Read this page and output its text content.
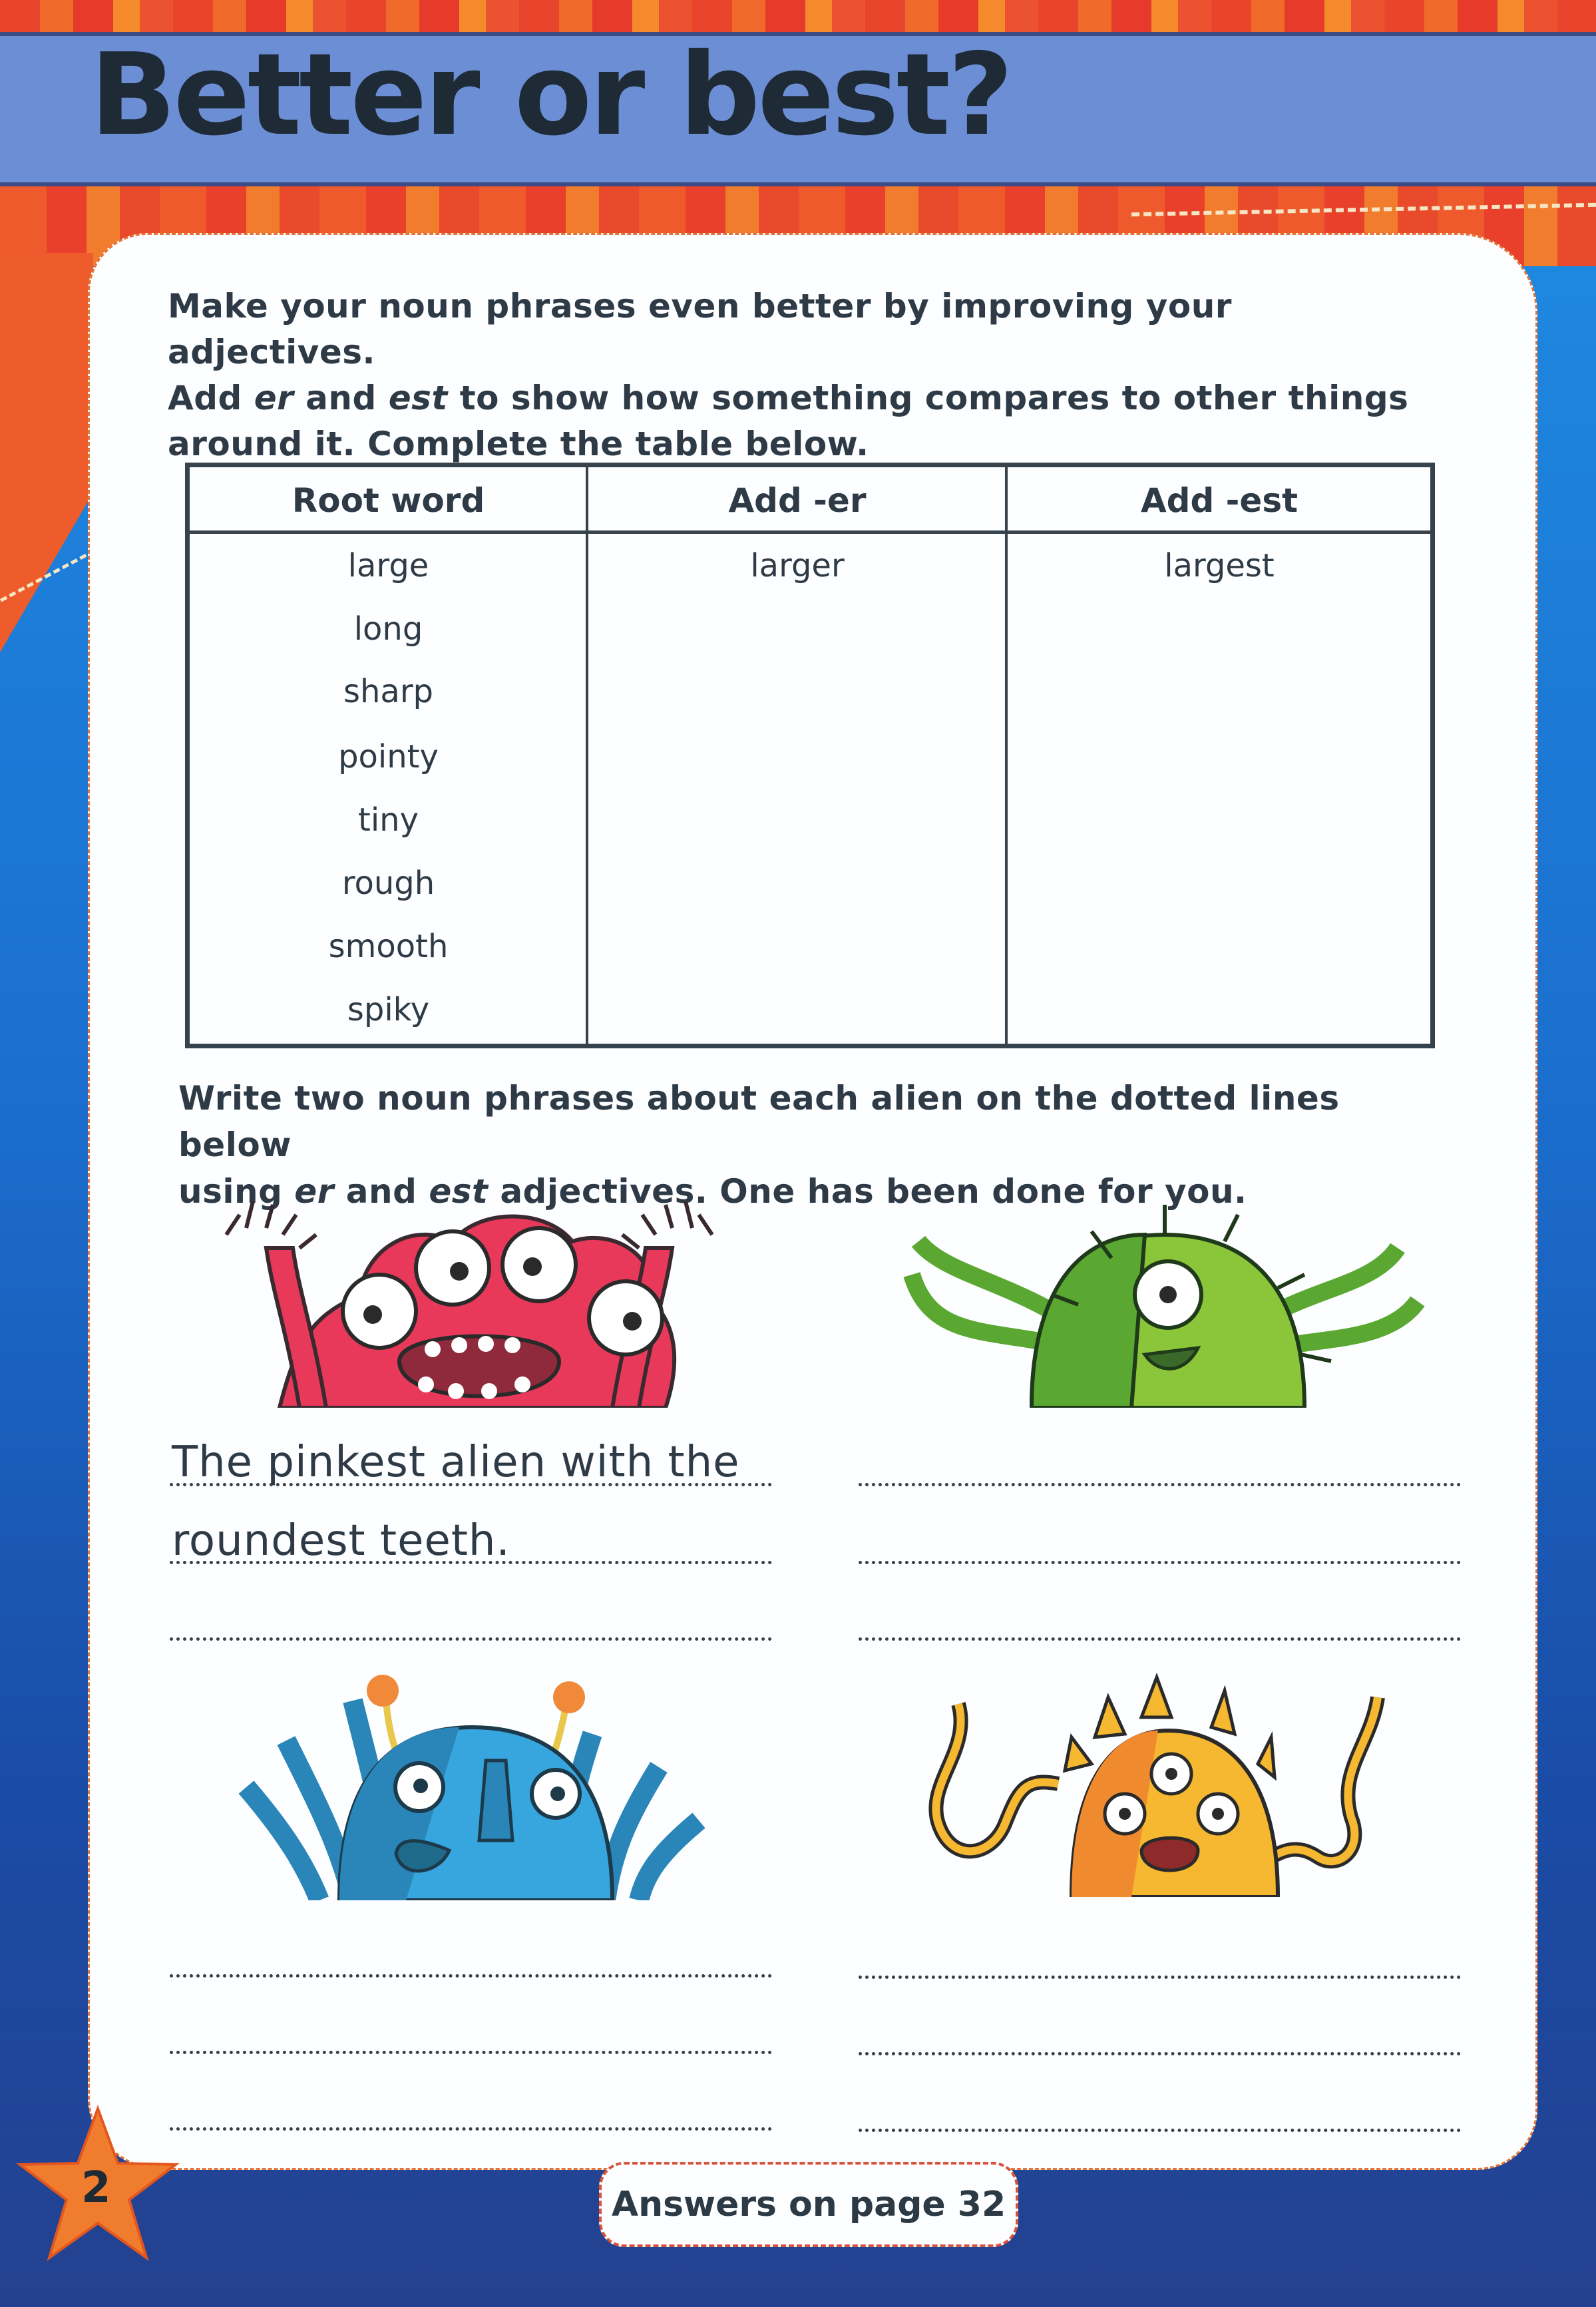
Better or best?

Make your noun phrases even better by improving your adjectives.
Add er and est to show how something compares to other things
around it. Complete the table below.

Root word	Add -er	Add -est
large	larger	largest
long
sharp
pointy
tiny
rough
smooth
spiky

Write two noun phrases about each alien on the dotted lines below
using er and est adjectives. One has been done for you.

The pinkest alien with the
roundest teeth.
2	Answers on page 32
